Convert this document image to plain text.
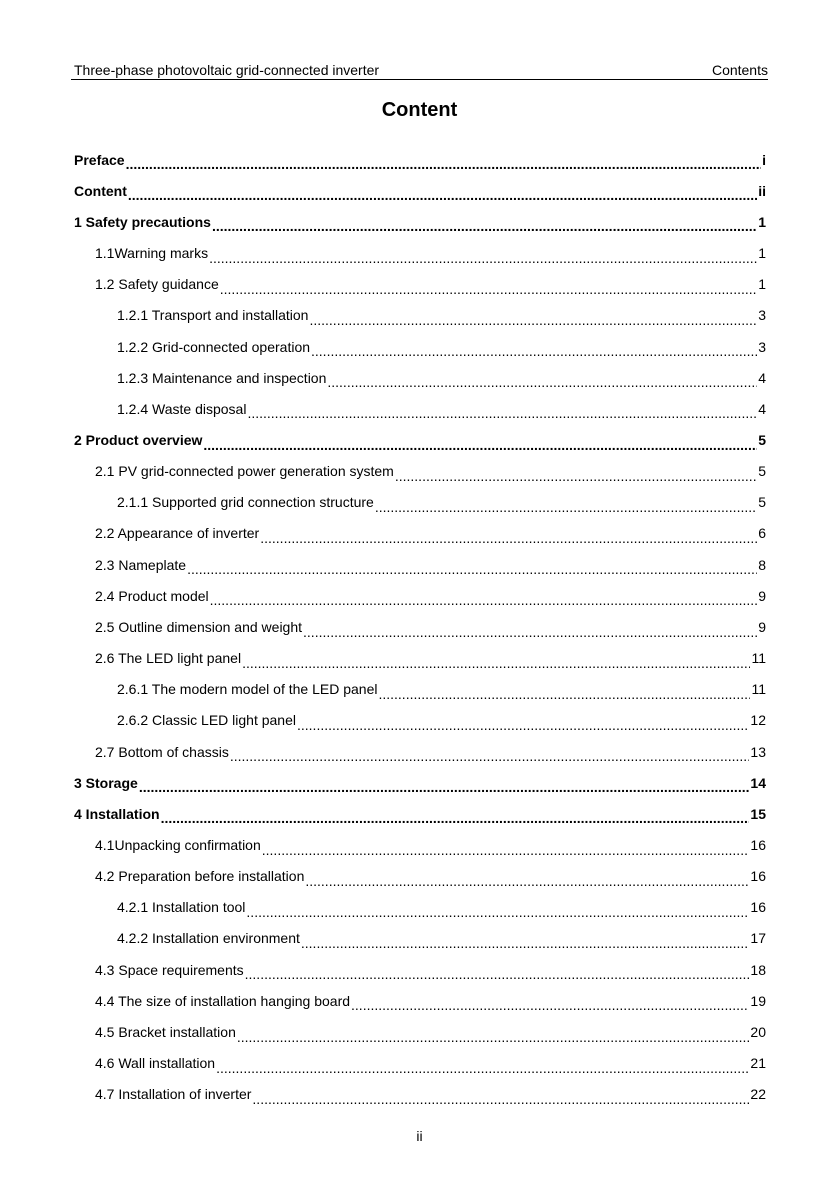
Three-phase photovoltaic grid-connected inverter	Contents
Content
Preface .....	i
Content .....	ii
1 Safety precautions .....	1
1.1Warning marks .....	1
1.2 Safety guidance .....	1
1.2.1 Transport and installation .....	3
1.2.2 Grid-connected operation .....	3
1.2.3 Maintenance and inspection .....	4
1.2.4 Waste disposal .....	4
2 Product overview .....	5
2.1 PV grid-connected power generation system .....	5
2.1.1 Supported grid connection structure .....	5
2.2 Appearance of inverter .....	6
2.3 Nameplate .....	8
2.4 Product model .....	9
2.5 Outline dimension and weight .....	9
2.6 The LED light panel .....	11
2.6.1 The modern model of the LED panel .....	11
2.6.2 Classic LED light panel .....	12
2.7 Bottom of chassis .....	13
3 Storage .....	14
4 Installation .....	15
4.1Unpacking confirmation .....	16
4.2 Preparation before installation .....	16
4.2.1 Installation tool .....	16
4.2.2 Installation environment .....	17
4.3 Space requirements .....	18
4.4 The size of installation hanging board .....	19
4.5 Bracket installation .....	20
4.6 Wall installation .....	21
4.7 Installation of inverter .....	22
ii
